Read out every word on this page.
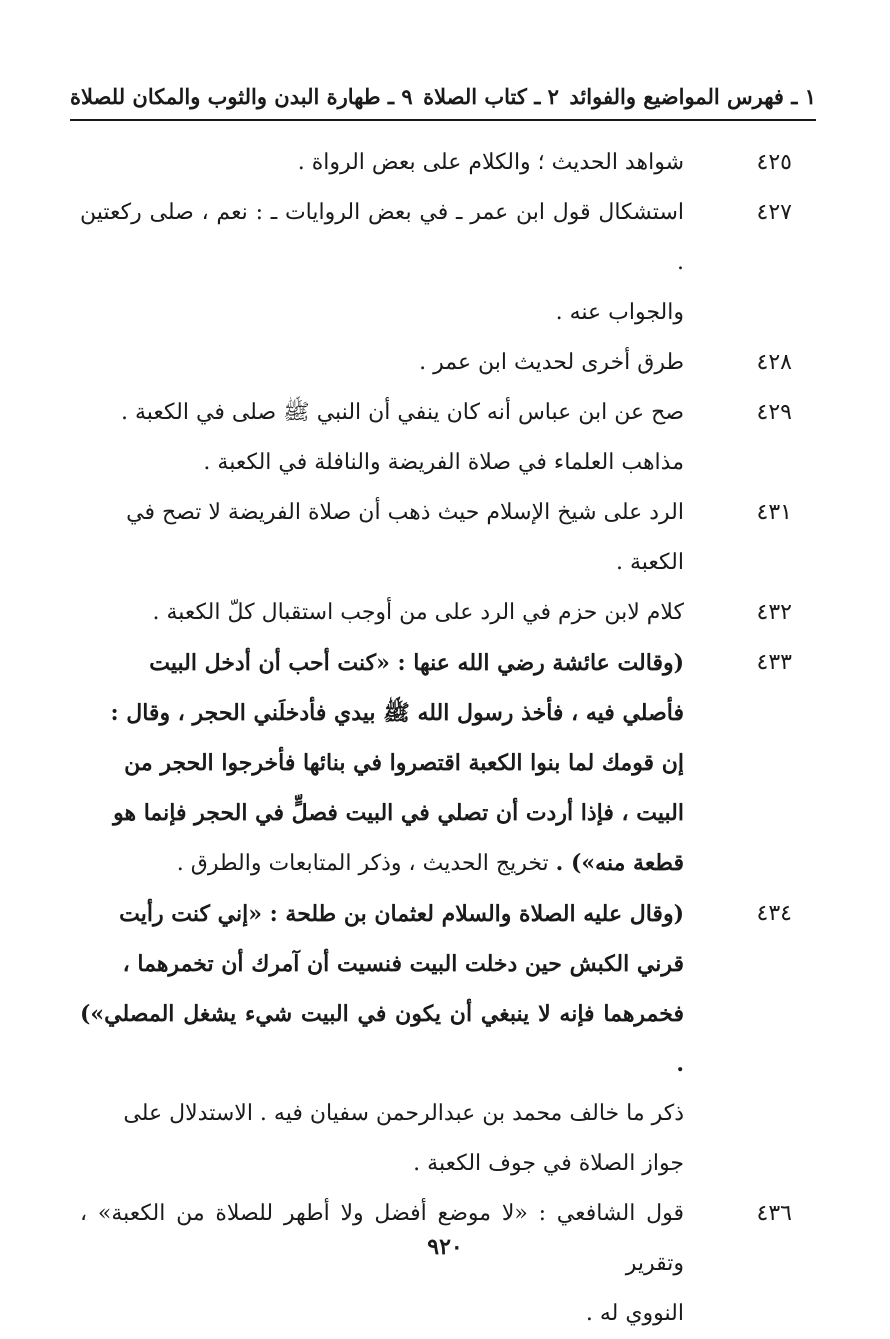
١ ـ فهرس المواضيع والفوائد
٢ ـ كتاب الصلاة
٩ ـ طهارة البدن والثوب والمكان للصلاة
٤٢٥
شواهد الحديث ؛ والكلام على بعض الرواة .
٤٢٧
استشكال قول ابن عمر ـ في بعض الروايات ـ : نعم ، صلى ركعتين .
والجواب عنه .
٤٢٨
طرق أخرى لحديث ابن عمر .
٤٢٩
صح عن ابن عباس أنه كان ينفي أن النبي ﷺ صلى في الكعبة .
مذاهب العلماء في صلاة الفريضة والنافلة في الكعبة .
٤٣١
الرد على شيخ الإسلام حيث ذهب أن صلاة الفريضة لا تصح في
الكعبة .
٤٣٢
كلام لابن حزم في الرد على من أوجب استقبال كلّ الكعبة .
٤٣٣
(وقالت عائشة رضي الله عنها : «كنت أحب أن أدخل البيت
فأصلي فيه ، فأخذ رسول الله ﷺ بيدي فأدخلَني الحجر ، وقال :
إن قومك لما بنوا الكعبة اقتصروا في بنائها فأخرجوا الحجر من
البيت ، فإذا أردت أن تصلي في البيت فصلٍّ في الحجر فإنما هو
قطعة منه») . تخريج الحديث ، وذكر المتابعات والطرق .
٤٣٤
(وقال عليه الصلاة والسلام لعثمان بن طلحة : «إني كنت رأيت
قرني الكبش حين دخلت البيت فنسيت أن آمرك أن تخمرهما ،
فخمرهما فإنه لا ينبغي أن يكون في البيت شيء يشغل المصلي») .
ذكر ما خالف محمد بن عبدالرحمن سفيان فيه . الاستدلال على
جواز الصلاة في جوف الكعبة .
٤٣٦
قول الشافعي : «لا موضع أفضل ولا أطهر للصلاة من الكعبة» ، وتقرير
النووي له .
٩٢٠
